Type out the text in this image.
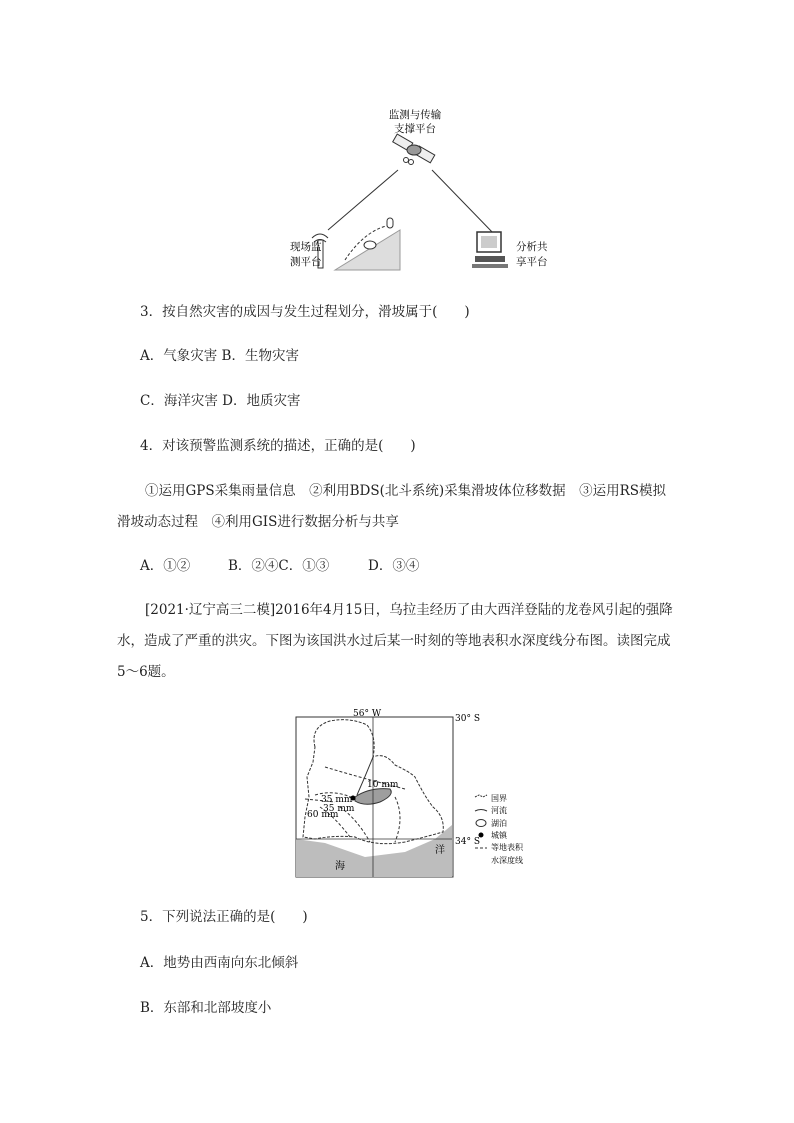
监测与传输
支撑平台
现场监
测平台
分析共
享平台
3．按自然灾害的成因与发生过程划分，滑坡属于(　　)
A．气象灾害 B．生物灾害
C．海洋灾害 D．地质灾害
4．对该预警监测系统的描述，正确的是(　　)
①运用GPS采集雨量信息　②利用BDS(北斗系统)采集滑坡体位移数据　③运用RS模拟滑坡动态过程　④利用GIS进行数据分析与共享
A．①②	B．②④C．①③	D．③④
[2021·辽宁高三二模]2016年4月15日，乌拉圭经历了由大西洋登陆的龙卷风引起的强降水，造成了严重的洪灾。下图为该国洪水过后某一时刻的等地表积水深度线分布图。读图完成5～6题。
56° W	30° S
34° S
10 mm
35 mm
35 mm
60 mm
海
洋
国界
河流
湖泊
城镇
等地表积
水深度线
5．下列说法正确的是(　　)
A．地势由西南向东北倾斜
B．东部和北部坡度小
